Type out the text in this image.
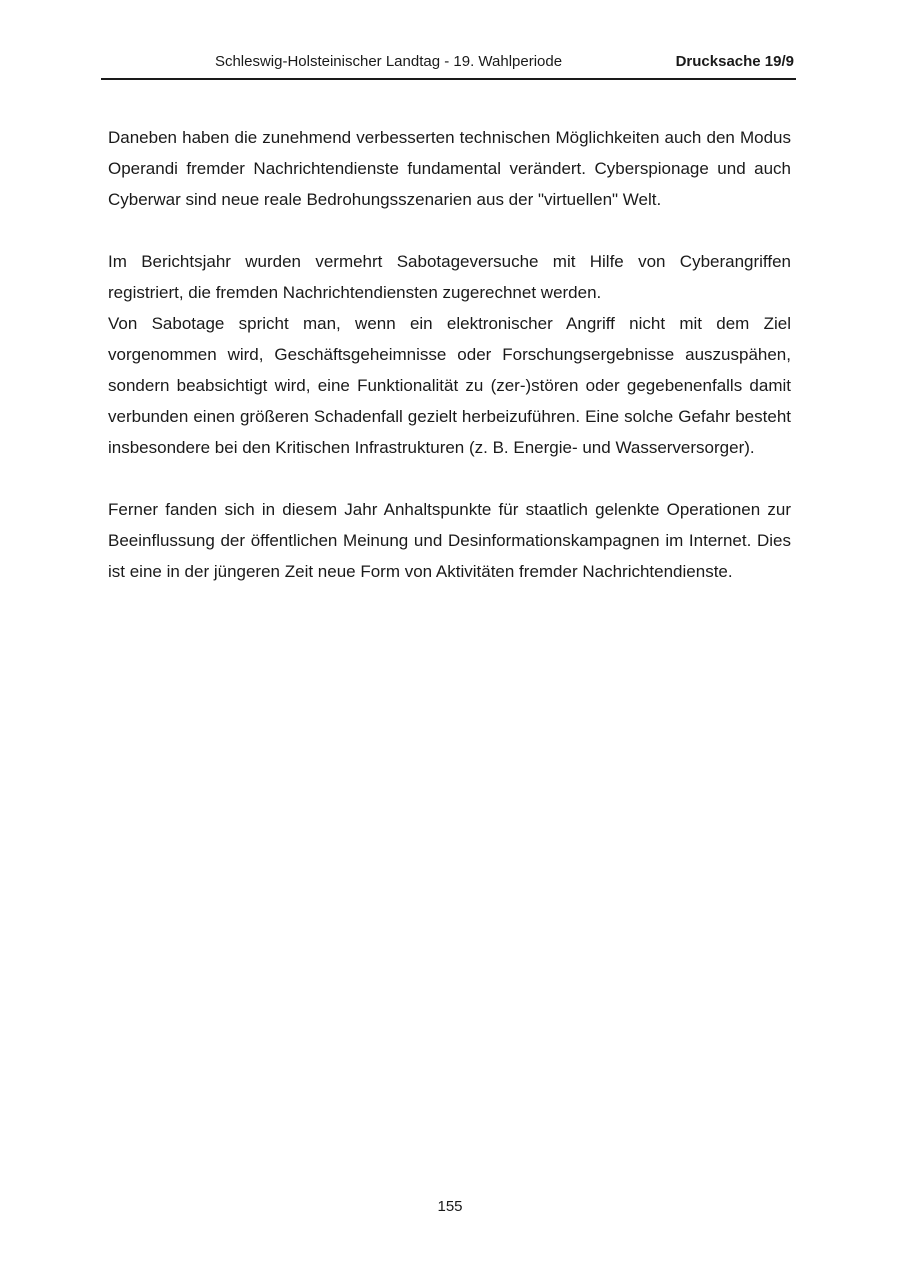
Schleswig-Holsteinischer Landtag - 19. Wahlperiode	Drucksache 19/9

Daneben haben die zunehmend verbesserten technischen Möglichkeiten auch den Modus Operandi fremder Nachrichtendienste fundamental verändert. Cyberspionage und auch Cyberwar sind neue reale Bedrohungsszenarien aus der "virtuellen" Welt.

Im Berichtsjahr wurden vermehrt Sabotageversuche mit Hilfe von Cyberangriffen registriert, die fremden Nachrichtendiensten zugerechnet werden.

Von Sabotage spricht man, wenn ein elektronischer Angriff nicht mit dem Ziel vorgenommen wird, Geschäftsgeheimnisse oder Forschungsergebnisse auszuspähen, sondern beabsichtigt wird, eine Funktionalität zu (zer-)stören oder gegebenenfalls damit verbunden einen größeren Schadenfall gezielt herbeizuführen. Eine solche Gefahr besteht insbesondere bei den Kritischen Infrastrukturen (z. B. Energie- und Wasserversorger).

Ferner fanden sich in diesem Jahr Anhaltspunkte für staatlich gelenkte Operationen zur Beeinflussung der öffentlichen Meinung und Desinformationskampagnen im Internet. Dies ist eine in der jüngeren Zeit neue Form von Aktivitäten fremder Nachrichtendienste.

155
